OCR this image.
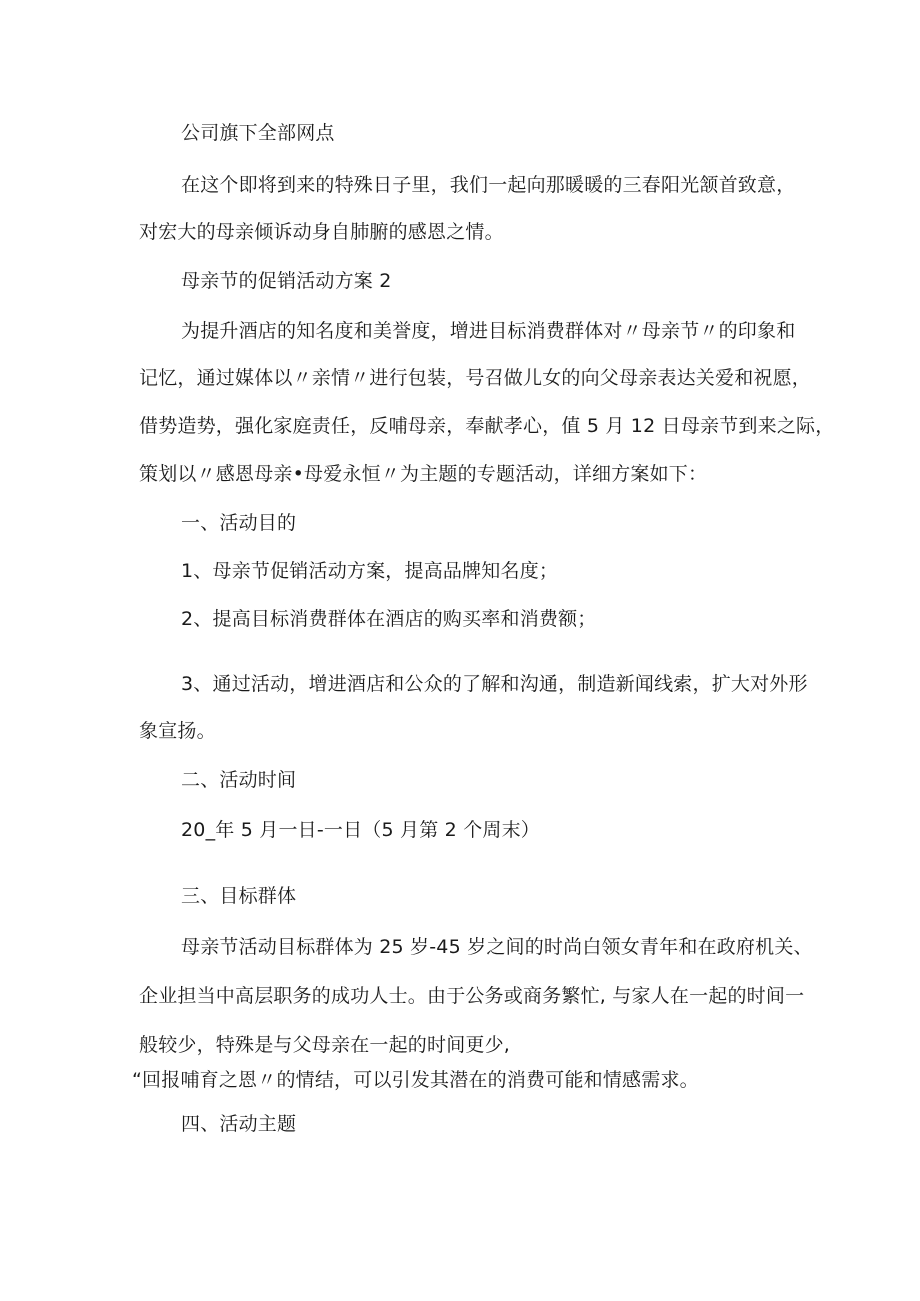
公司旗下全部网点
在这个即将到来的特殊日子里，我们一起向那暖暖的三春阳光颔首致意，
对宏大的母亲倾诉动身自肺腑的感恩之情。
母亲节的促销活动方案 2
为提升酒店的知名度和美誉度，增进目标消费群体对〃母亲节〃的印象和
记忆，通过媒体以〃亲情〃进行包装，号召做儿女的向父母亲表达关爱和祝愿，
借势造势，强化家庭责任，反哺母亲，奉献孝心，值 5 月 12 日母亲节到来之际，
策划以〃感恩母亲•母爱永恒〃为主题的专题活动，详细方案如下：
一、活动目的
1、母亲节促销活动方案，提高品牌知名度；
2、提高目标消费群体在酒店的购买率和消费额；
3、通过活动，增进酒店和公众的了解和沟通，制造新闻线索，扩大对外形
象宣扬。
二、活动时间
20_年 5 月一日-一日（5 月第 2 个周末）
三、目标群体
母亲节活动目标群体为 25 岁-45 岁之间的时尚白领女青年和在政府机关、
企业担当中高层职务的成功人士。由于公务或商务繁忙, 与家人在一起的时间一
般较少，特殊是与父母亲在一起的时间更少,
“回报哺育之恩〃的情结，可以引发其潜在的消费可能和情感需求。
四、活动主题
